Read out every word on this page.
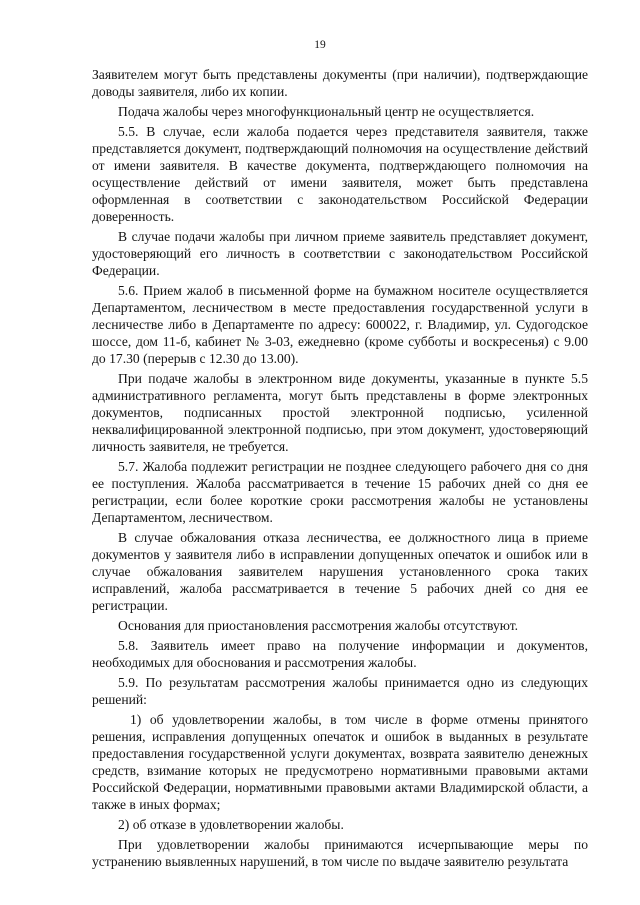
19

Заявителем могут быть представлены документы (при наличии), подтверждающие доводы заявителя, либо их копии.

Подача жалобы через многофункциональный центр не осуществляется.

5.5. В случае, если жалоба подается через представителя заявителя, также представляется документ, подтверждающий полномочия на осуществление действий от имени заявителя. В качестве документа, подтверждающего полномочия на осуществление действий от имени заявителя, может быть представлена оформленная в соответствии с законодательством Российской Федерации доверенность.

В случае подачи жалобы при личном приеме заявитель представляет документ, удостоверяющий его личность в соответствии с законодательством Российской Федерации.

5.6. Прием жалоб в письменной форме на бумажном носителе осуществляется Департаментом, лесничеством в месте предоставления государственной услуги в лесничестве либо в Департаменте по адресу: 600022, г. Владимир, ул. Судогодское шоссе, дом 11-б, кабинет № 3-03, ежедневно (кроме субботы и воскресенья) с 9.00 до 17.30 (перерыв с 12.30 до 13.00).

При подаче жалобы в электронном виде документы, указанные в пункте 5.5 административного регламента, могут быть представлены в форме электронных документов, подписанных простой электронной подписью, усиленной неквалифицированной электронной подписью, при этом документ, удостоверяющий личность заявителя, не требуется.

5.7. Жалоба подлежит регистрации не позднее следующего рабочего дня со дня ее поступления. Жалоба рассматривается в течение 15 рабочих дней со дня ее регистрации, если более короткие сроки рассмотрения жалобы не установлены Департаментом, лесничеством.

В случае обжалования отказа лесничества, ее должностного лица в приеме документов у заявителя либо в исправлении допущенных опечаток и ошибок или в случае обжалования заявителем нарушения установленного срока таких исправлений, жалоба рассматривается в течение 5 рабочих дней со дня ее регистрации.

Основания для приостановления рассмотрения жалобы отсутствуют.

5.8. Заявитель имеет право на получение информации и документов, необходимых для обоснования и рассмотрения жалобы.

5.9. По результатам рассмотрения жалобы принимается одно из следующих решений:

1) об удовлетворении жалобы, в том числе в форме отмены принятого решения, исправления допущенных опечаток и ошибок в выданных в результате предоставления государственной услуги документах, возврата заявителю денежных средств, взимание которых не предусмотрено нормативными правовыми актами Российской Федерации, нормативными правовыми актами Владимирской области, а также в иных формах;

2) об отказе в удовлетворении жалобы.

При удовлетворении жалобы принимаются исчерпывающие меры по устранению выявленных нарушений, в том числе по выдаче заявителю результата
